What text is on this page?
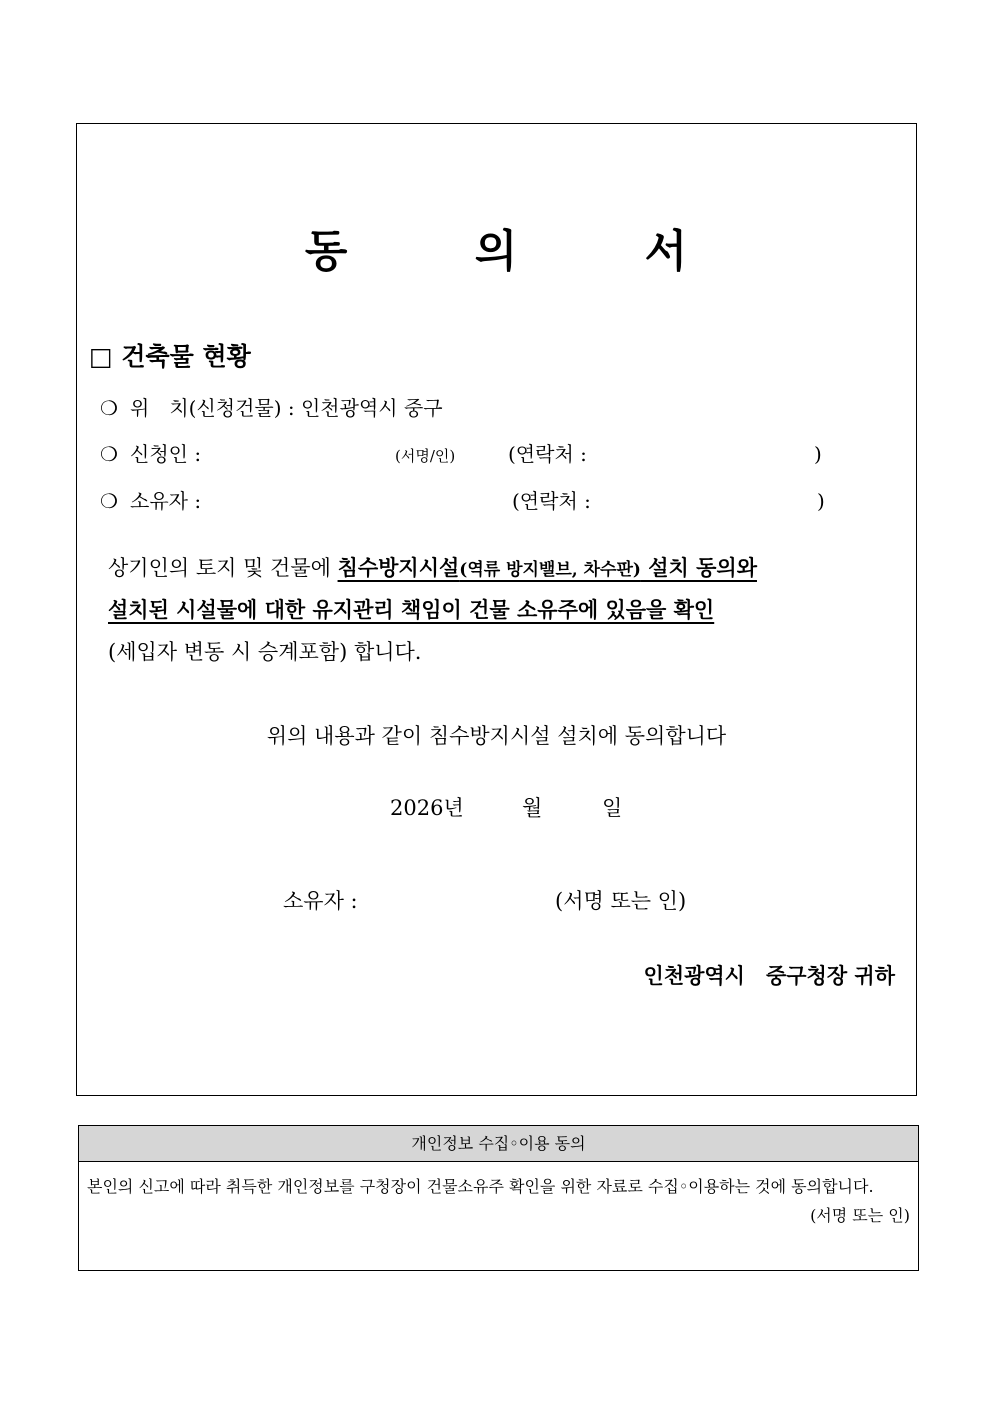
동 의 서
□ 건축물 현황
❍ 위　치(신청건물) : 인천광역시 중구
❍ 신청인 :	(서명/인)	(연락처 :	)
❍ 소유자 :	(연락처 :	)
상기인의 토지 및 건물에 침수방지시설(역류 방지밸브, 차수판) 설치 동의와
설치된 시설물에 대한 유지관리 책임이 건물 소유주에 있음을 확인
(세입자 변동 시 승계포함) 합니다.
위의 내용과 같이 침수방지시설 설치에 동의합니다
2026년	월	일
소유자 :	(서명 또는 인)
인천광역시　중구청장 귀하
개인정보 수집◦이용 동의
본인의 신고에 따라 취득한 개인정보를 구청장이 건물소유주 확인을 위한 자료로 수집◦이용하는 것에 동의합니다.
(서명 또는 인)
